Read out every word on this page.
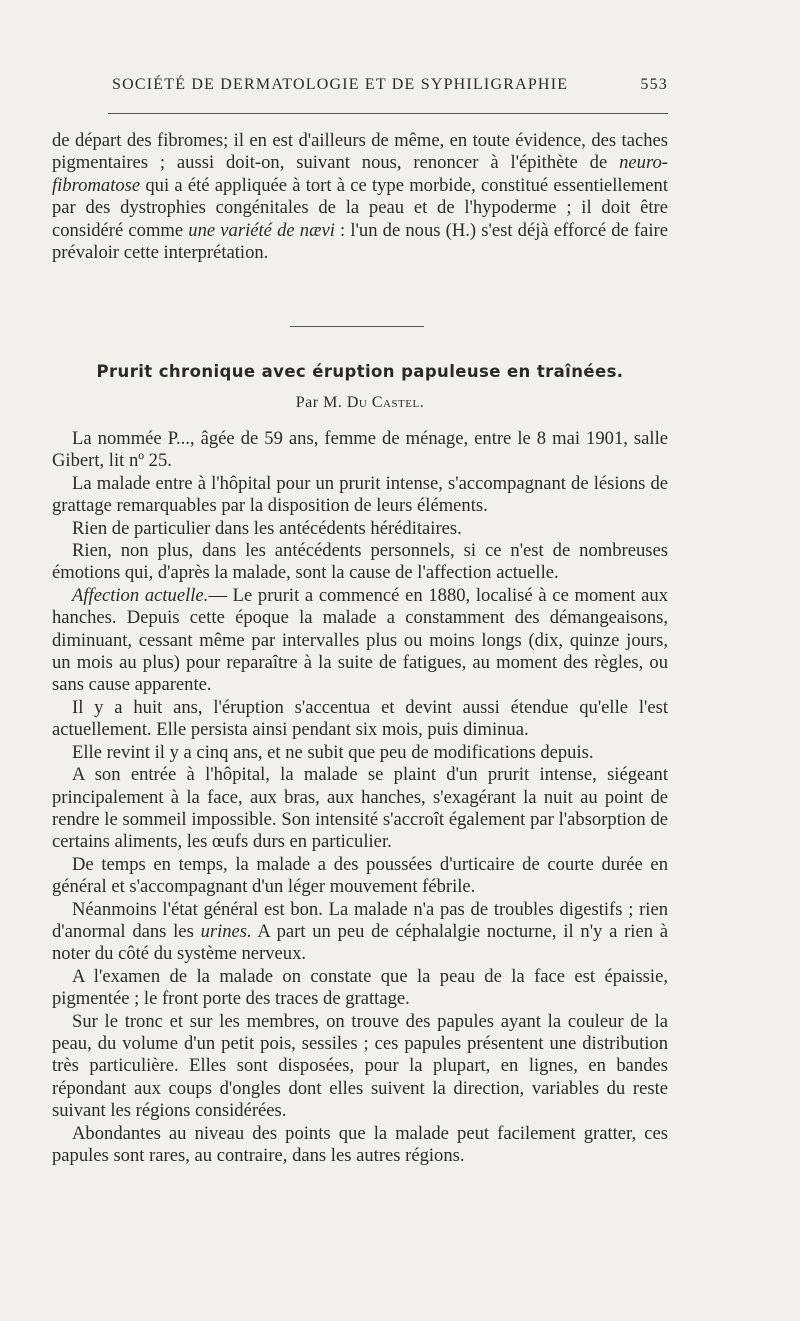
SOCIÉTÉ DE DERMATOLOGIE ET DE SYPHILIGRAPHIE	553

de départ des fibromes; il en est d'ailleurs de même, en toute évidence, des taches pigmentaires ; aussi doit-on, suivant nous, renoncer à l'épithète de neuro-fibromatose qui a été appliquée à tort à ce type morbide, constitué essentiellement par des dystrophies congénitales de la peau et de l'hypoderme ; il doit être considéré comme une variété de nævi : l'un de nous (H.) s'est déjà efforcé de faire prévaloir cette interprétation.

Prurit chronique avec éruption papuleuse en traînées.
Par M. Du Castel.

La nommée P..., âgée de 59 ans, femme de ménage, entre le 8 mai 1901, salle Gibert, lit nº 25.

La malade entre à l'hôpital pour un prurit intense, s'accompagnant de lésions de grattage remarquables par la disposition de leurs éléments.

Rien de particulier dans les antécédents héréditaires.

Rien, non plus, dans les antécédents personnels, si ce n'est de nombreuses émotions qui, d'après la malade, sont la cause de l'affection actuelle.

Affection actuelle.— Le prurit a commencé en 1880, localisé à ce moment aux hanches. Depuis cette époque la malade a constamment des démangeaisons, diminuant, cessant même par intervalles plus ou moins longs (dix, quinze jours, un mois au plus) pour reparaître à la suite de fatigues, au moment des règles, ou sans cause apparente.

Il y a huit ans, l'éruption s'accentua et devint aussi étendue qu'elle l'est actuellement. Elle persista ainsi pendant six mois, puis diminua.

Elle revint il y a cinq ans, et ne subit que peu de modifications depuis.

A son entrée à l'hôpital, la malade se plaint d'un prurit intense, siégeant principalement à la face, aux bras, aux hanches, s'exagérant la nuit au point de rendre le sommeil impossible. Son intensité s'accroît également par l'absorption de certains aliments, les œufs durs en particulier.

De temps en temps, la malade a des poussées d'urticaire de courte durée en général et s'accompagnant d'un léger mouvement fébrile.

Néanmoins l'état général est bon. La malade n'a pas de troubles digestifs ; rien d'anormal dans les urines. A part un peu de céphalalgie nocturne, il n'y a rien à noter du côté du système nerveux.

A l'examen de la malade on constate que la peau de la face est épaissie, pigmentée ; le front porte des traces de grattage.

Sur le tronc et sur les membres, on trouve des papules ayant la couleur de la peau, du volume d'un petit pois, sessiles ; ces papules présentent une distribution très particulière. Elles sont disposées, pour la plupart, en lignes, en bandes répondant aux coups d'ongles dont elles suivent la direction, variables du reste suivant les régions considérées.

Abondantes au niveau des points que la malade peut facilement gratter, ces papules sont rares, au contraire, dans les autres régions.
